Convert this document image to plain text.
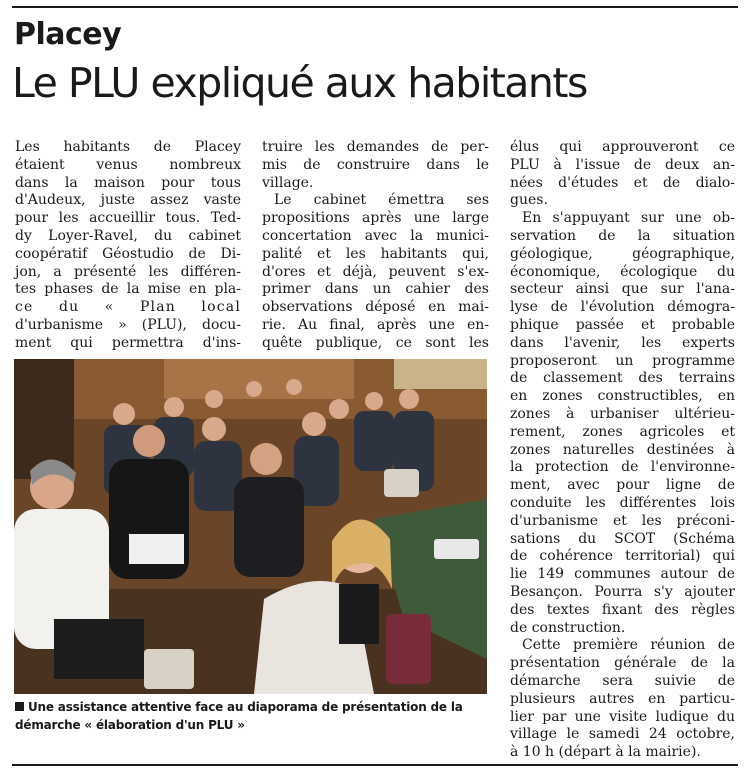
Placey
Le PLU expliqué aux habitants
Les habitants de Placey
étaient venus nombreux
dans la maison pour tous
d'Audeux, juste assez vaste
pour les accueillir tous. Ted-
dy Loyer-Ravel, du cabinet
coopératif Géostudio de Di-
jon, a présenté les différen-
tes phases de la mise en pla-
ce du « Plan local
d'urbanisme » (PLU), docu-
ment qui permettra d'ins-
truire les demandes de per-
mis de construire dans le
village.
Le cabinet émettra ses
propositions après une large
concertation avec la munici-
palité et les habitants qui,
d'ores et déjà, peuvent s'ex-
primer dans un cahier des
observations déposé en mai-
rie. Au final, après une en-
quête publique, ce sont les
élus qui approuveront ce
PLU à l'issue de deux an-
nées d'études et de dialo-
gues.
En s'appuyant sur une ob-
servation de la situation
géologique, géographique,
économique, écologique du
secteur ainsi que sur l'ana-
lyse de l'évolution démogra-
phique passée et probable
dans l'avenir, les experts
proposeront un programme
de classement des terrains
en zones constructibles, en
zones à urbaniser ultérieu-
rement, zones agricoles et
zones naturelles destinées à
la protection de l'environne-
ment, avec pour ligne de
conduite les différentes lois
d'urbanisme et les préconi-
sations du SCOT (Schéma
de cohérence territorial) qui
lie 149 communes autour de
Besançon. Pourra s'y ajouter
des textes fixant des règles
de construction.
Cette première réunion de
présentation générale de la
démarche sera suivie de
plusieurs autres en particu-
lier par une visite ludique du
village le samedi 24 octobre,
à 10 h (départ à la mairie).
Une assistance attentive face au diaporama de présentation de la démarche « élaboration d'un PLU »
